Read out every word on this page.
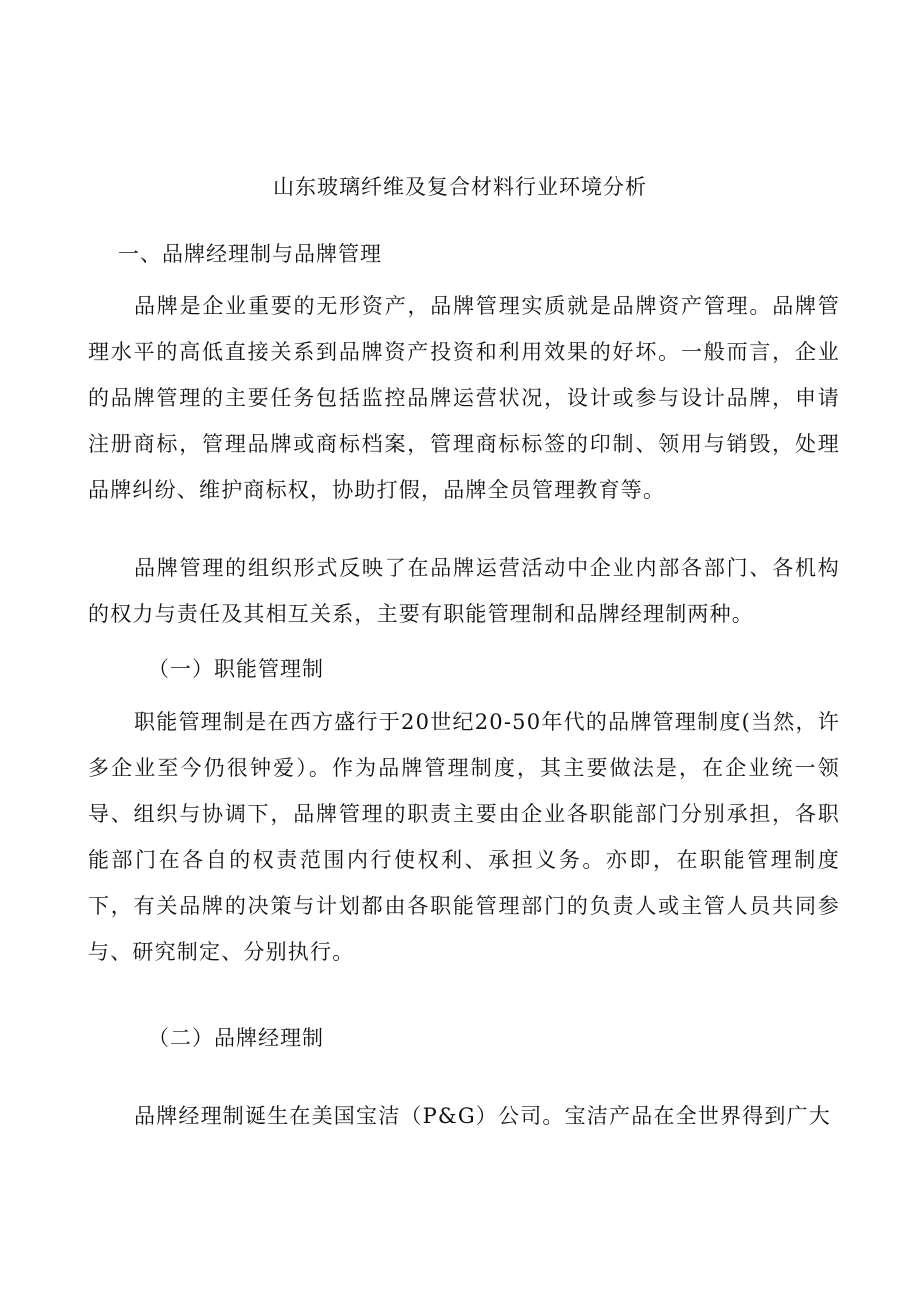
山东玻璃纤维及复合材料行业环境分析
一、品牌经理制与品牌管理

品牌是企业重要的无形资产，品牌管理实质就是品牌资产管理。品牌管理水平的高低直接关系到品牌资产投资和利用效果的好坏。一般而言，企业的品牌管理的主要任务包括监控品牌运营状况，设计或参与设计品牌，申请注册商标，管理品牌或商标档案，管理商标标签的印制、领用与销毁，处理品牌纠纷、维护商标权，协助打假，品牌全员管理教育等。

品牌管理的组织形式反映了在品牌运营活动中企业内部各部门、各机构的权力与责任及其相互关系，主要有职能管理制和品牌经理制两种。

（一）职能管理制

职能管理制是在西方盛行于20世纪20-50年代的品牌管理制度(当然，许多企业至今仍很钟爱）。作为品牌管理制度，其主要做法是，在企业统一领导、组织与协调下，品牌管理的职责主要由企业各职能部门分别承担，各职能部门在各自的权责范围内行使权利、承担义务。亦即，在职能管理制度下，有关品牌的决策与计划都由各职能管理部门的负责人或主管人员共同参与、研究制定、分别执行。

（二）品牌经理制

品牌经理制诞生在美国宝洁（P&G）公司。宝洁产品在全世界得到广大
